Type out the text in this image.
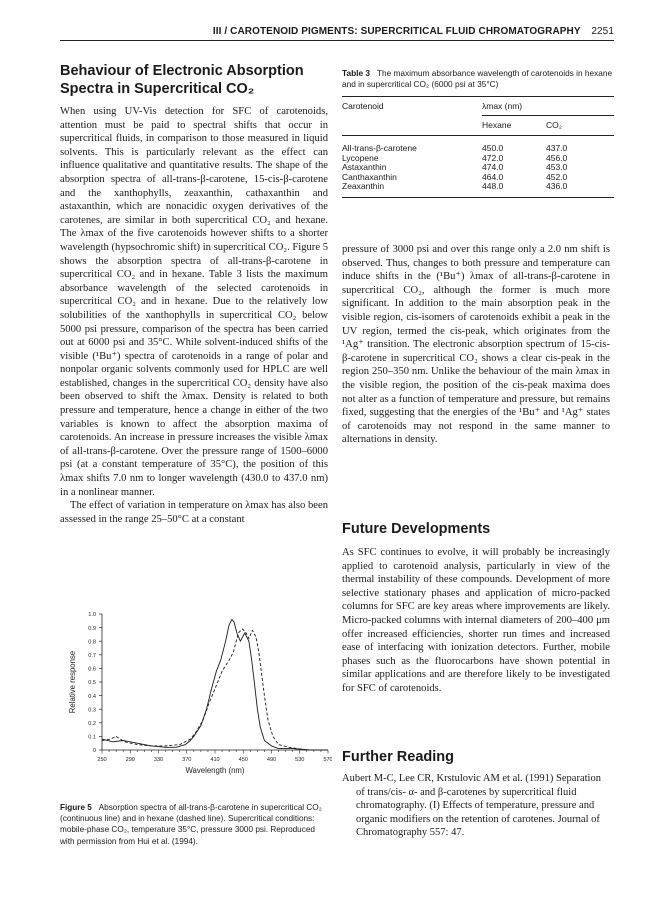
III / CAROTENOID PIGMENTS: SUPERCRITICAL FLUID CHROMATOGRAPHY 2251
Behaviour of Electronic Absorption
Spectra in Supercritical CO₂

When using UV-Vis detection for SFC of carotenoids, attention must be paid to spectral shifts that occur in supercritical fluids, in comparison to those measured in liquid solvents. This is particularly relevant as the effect can influence qualitative and quantitative results. The shape of the absorption spectra of all-trans-β-carotene, 15-cis-β-carotene and the xanthophylls, zeaxanthin, cathaxanthin and astaxanthin, which are nonacidic oxygen derivatives of the carotenes, are similar in both supercritical CO₂ and hexane. The λmax of the five carotenoids however shifts to a shorter wavelength (hypsochromic shift) in supercritical CO₂. Figure 5 shows the absorption spectra of all-trans-β-carotene in supercritical CO₂ and in hexane. Table 3 lists the maximum absorbance wavelength of the selected carotenoids in supercritical CO₂ and in hexane. Due to the relatively low solubilities of the xanthophylls in supercritical CO₂ below 5000 psi pressure, comparison of the spectra has been carried out at 6000 psi and 35°C. While solvent-induced shifts of the visible (¹Bu⁺) spectra of carotenoids in a range of polar and nonpolar organic solvents commonly used for HPLC are well established, changes in the supercritical CO₂ density have also been observed to shift the λmax. Density is related to both pressure and temperature, hence a change in either of the two variables is known to affect the absorption maxima of carotenoids. An increase in pressure increases the visible λmax of all-trans-β-carotene. Over the pressure range of 1500–6000 psi (at a constant temperature of 35°C), the position of this λmax shifts 7.0 nm to longer wavelength (430.0 to 437.0 nm) in a nonlinear manner.

The effect of variation in temperature on λmax has also been assessed in the range 25–50°C at a constant

Table 3 The maximum absorbance wavelength of carotenoids in hexane and in supercritical CO₂ (6000 psi at 35°C)
Carotenoid	λmax (nm)
Hexane	CO₂
All-trans-β-carotene	450.0	437.0
Lycopene	472.0	456.0
Astaxanthin	474.0	453.0
Canthaxanthin	464.0	452.0
Zeaxanthin	448.0	436.0

pressure of 3000 psi and over this range only a 2.0 nm shift is observed. Thus, changes to both pressure and temperature can induce shifts in the (¹Bu⁺) λmax of all-trans-β-carotene in supercritical CO₂, although the former is much more significant. In addition to the main absorption peak in the visible region, cis-isomers of carotenoids exhibit a peak in the UV region, termed the cis-peak, which originates from the ¹Ag⁺ transition. The electronic absorption spectrum of 15-cis-β-carotene in supercritical CO₂ shows a clear cis-peak in the region 250–350 nm. Unlike the behaviour of the main λmax in the visible region, the position of the cis-peak maxima does not alter as a function of temperature and pressure, but remains fixed, suggesting that the energies of the ¹Bu⁺ and ¹Ag⁺ states of carotenoids may not respond in the same manner to alternations in density.

Future Developments

As SFC continues to evolve, it will probably be increasingly applied to carotenoid analysis, particularly in view of the thermal instability of these compounds. Development of more selective stationary phases and application of micro-packed columns for SFC are key areas where improvements are likely. Micro-packed columns with internal diameters of 200–400 μm offer increased efficiencies, shorter run times and increased ease of interfacing with ionization detectors. Further, mobile phases such as the fluorocarbons have shown potential in similar applications and are therefore likely to be investigated for SFC of carotenoids.

Further Reading

Aubert M-C, Lee CR, Krstulovic AM et al. (1991) Separation of trans/cis- α- and β-carotenes by supercritical fluid chromatography. (I) Effects of temperature, pressure and organic modifiers on the retention of carotenes. Journal of Chromatography 557: 47.

0
0.1
0.2
0.3
0.4
0.5
0.6
0.7
0.8
0.9
1.0
250	290	330	370	410	450	490	530	570
Wavelength (nm)
Relative response
Figure 5 Absorption spectra of all-trans-β-carotene in supercritical CO₂ (continuous line) and in hexane (dashed line). Supercritical conditions: mobile-phase CO₂, temperature 35°C, pressure 3000 psi. Reproduced with permission from Hui et al. (1994).
